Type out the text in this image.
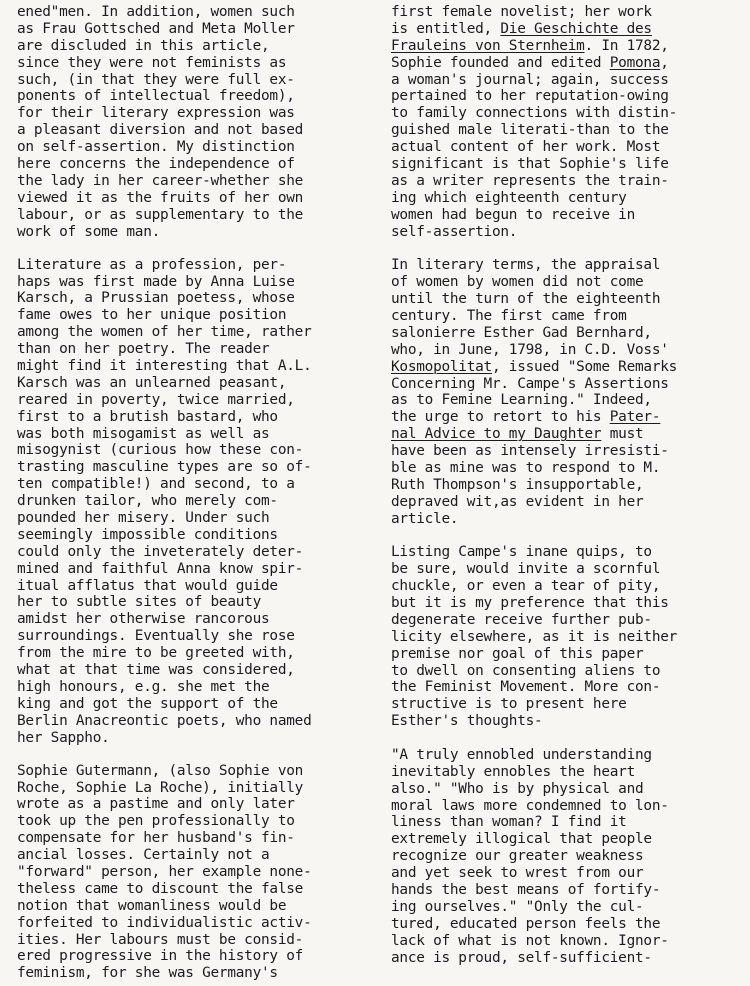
ened"men. In addition, women such
as Frau Gottsched and Meta Moller
are discluded in this article,
since they were not feminists as
such, (in that they were full ex-
ponents of intellectual freedom),
for their literary expression was
a pleasant diversion and not based
on self-assertion. My distinction
here concerns the independence of
the lady in her career-whether she
viewed it as the fruits of her own
labour, or as supplementary to the
work of some man.
Literature as a profession, per-
haps was first made by Anna Luise
Karsch, a Prussian poetess, whose
fame owes to her unique position
among the women of her time, rather
than on her poetry. The reader
might find it interesting that A.L.
Karsch was an unlearned peasant,
reared in poverty, twice married,
first to a brutish bastard, who
was both misogamist as well as
misogynist (curious how these con-
trasting masculine types are so of-
ten compatible!) and second, to a
drunken tailor, who merely com-
pounded her misery. Under such
seemingly impossible conditions
could only the inveterately deter-
mined and faithful Anna know spir-
itual afflatus that would guide
her to subtle sites of beauty
amidst her otherwise rancorous
surroundings. Eventually she rose
from the mire to be greeted with,
what at that time was considered,
high honours, e.g. she met the
king and got the support of the
Berlin Anacreontic poets, who named
her Sappho.
Sophie Gutermann, (also Sophie von
Roche, Sophie La Roche), initially
wrote as a pastime and only later
took up the pen professionally to
compensate for her husband's fin-
ancial losses. Certainly not a
"forward" person, her example none-
theless came to discount the false
notion that womanliness would be
forfeited to individualistic activ-
ities. Her labours must be consid-
ered progressive in the history of
feminism, for she was Germany's
first female novelist; her work
is entitled, Die Geschichte des
Frauleins von Sternheim. In 1782,
Sophie founded and edited Pomona,
a woman's journal; again, success
pertained to her reputation-owing
to family connections with distin-
guished male literati-than to the
actual content of her work. Most
significant is that Sophie's life
as a writer represents the train-
ing which eighteenth century
women had begun to receive in
self-assertion.
In literary terms, the appraisal
of women by women did not come
until the turn of the eighteenth
century. The first came from
salonierre Esther Gad Bernhard,
who, in June, 1798, in C.D. Voss'
Kosmopolitat, issued "Some Remarks
Concerning Mr. Campe's Assertions
as to Femine Learning." Indeed,
the urge to retort to his Pater-
nal Advice to my Daughter must
have been as intensely irresisti-
ble as mine was to respond to M.
Ruth Thompson's insupportable,
depraved wit,as evident in her
article.
Listing Campe's inane quips, to
be sure, would invite a scornful
chuckle, or even a tear of pity,
but it is my preference that this
degenerate receive further pub-
licity elsewhere, as it is neither
premise nor goal of this paper
to dwell on consenting aliens to
the Feminist Movement. More con-
structive is to present here
Esther's thoughts-
"A truly ennobled understanding
inevitably ennobles the heart
also." "Who is by physical and
moral laws more condemned to lon-
liness than woman? I find it
extremely illogical that people
recognize our greater weakness
and yet seek to wrest from our
hands the best means of fortify-
ing ourselves." "Only the cul-
tured, educated person feels the
lack of what is not known. Ignor-
ance is proud, self-sufficient-
